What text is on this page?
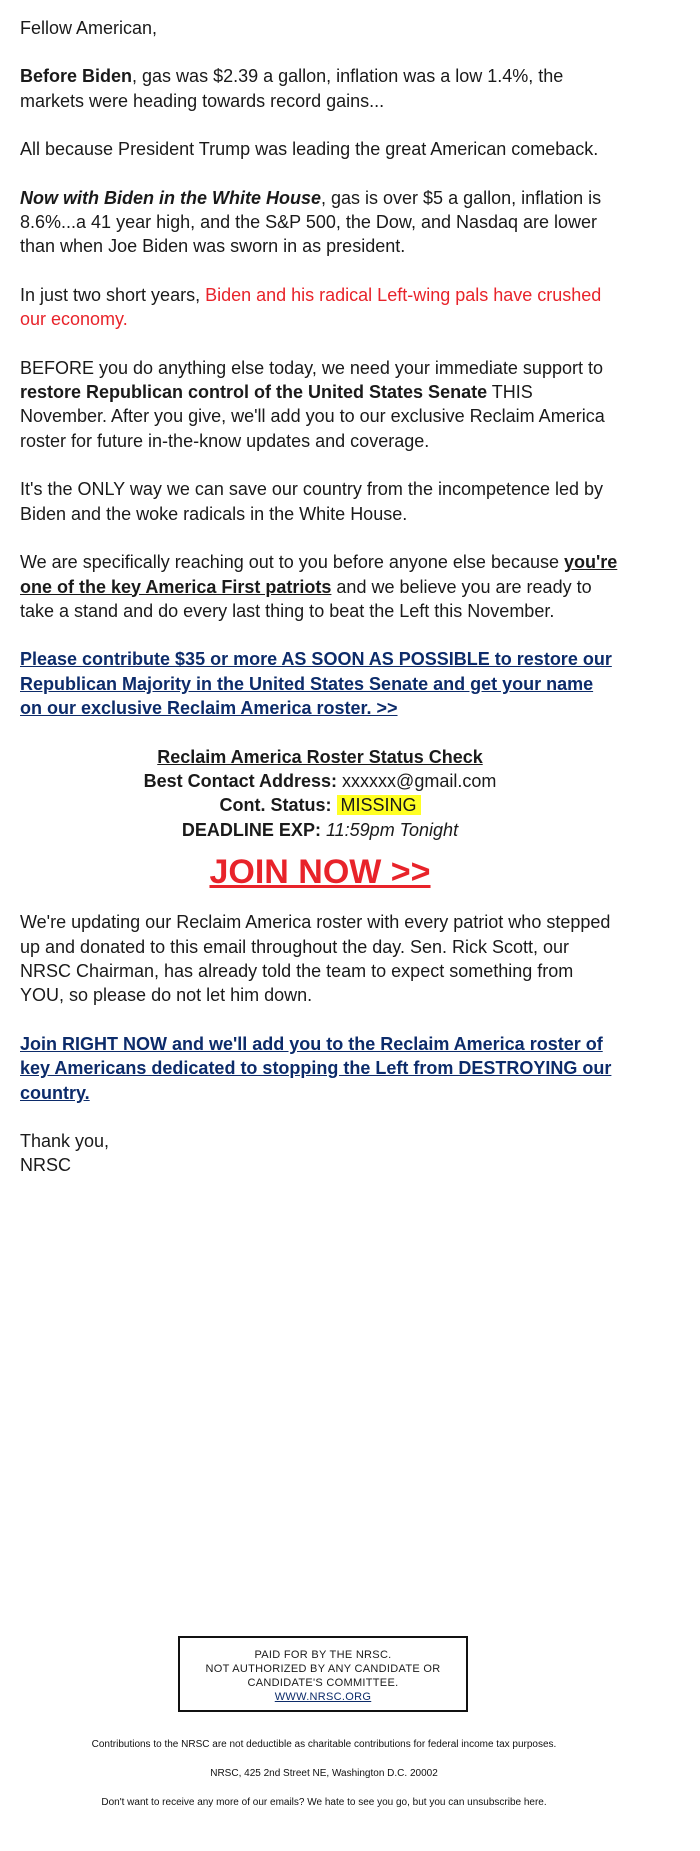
Fellow American,

Before Biden, gas was $2.39 a gallon, inflation was a low 1.4%, the markets were heading towards record gains...

All because President Trump was leading the great American comeback.

Now with Biden in the White House, gas is over $5 a gallon, inflation is 8.6%...a 41 year high, and the S&P 500, the Dow, and Nasdaq are lower than when Joe Biden was sworn in as president.

In just two short years, Biden and his radical Left-wing pals have crushed our economy.

BEFORE you do anything else today, we need your immediate support to restore Republican control of the United States Senate THIS November. After you give, we'll add you to our exclusive Reclaim America roster for future in-the-know updates and coverage.

It's the ONLY way we can save our country from the incompetence led by Biden and the woke radicals in the White House.

We are specifically reaching out to you before anyone else because you're one of the key America First patriots and we believe you are ready to take a stand and do every last thing to beat the Left this November.

Please contribute $35 or more AS SOON AS POSSIBLE to restore our Republican Majority in the United States Senate and get your name on our exclusive Reclaim America roster. >>

Reclaim America Roster Status Check
Best Contact Address: xxxxxx@gmail.com
Cont. Status: MISSING
DEADLINE EXP: 11:59pm Tonight
JOIN NOW >>

We're updating our Reclaim America roster with every patriot who stepped up and donated to this email throughout the day. Sen. Rick Scott, our NRSC Chairman, has already told the team to expect something from YOU, so please do not let him down.

Join RIGHT NOW and we'll add you to the Reclaim America roster of key Americans dedicated to stopping the Left from DESTROYING our country.

Thank you,
NRSC

PAID FOR BY THE NRSC.
NOT AUTHORIZED BY ANY CANDIDATE OR
CANDIDATE'S COMMITTEE.
WWW.NRSC.ORG
Contributions to the NRSC are not deductible as charitable contributions for federal income tax purposes.
NRSC, 425 2nd Street NE, Washington D.C. 20002
Don't want to receive any more of our emails? We hate to see you go, but you can unsubscribe here.
